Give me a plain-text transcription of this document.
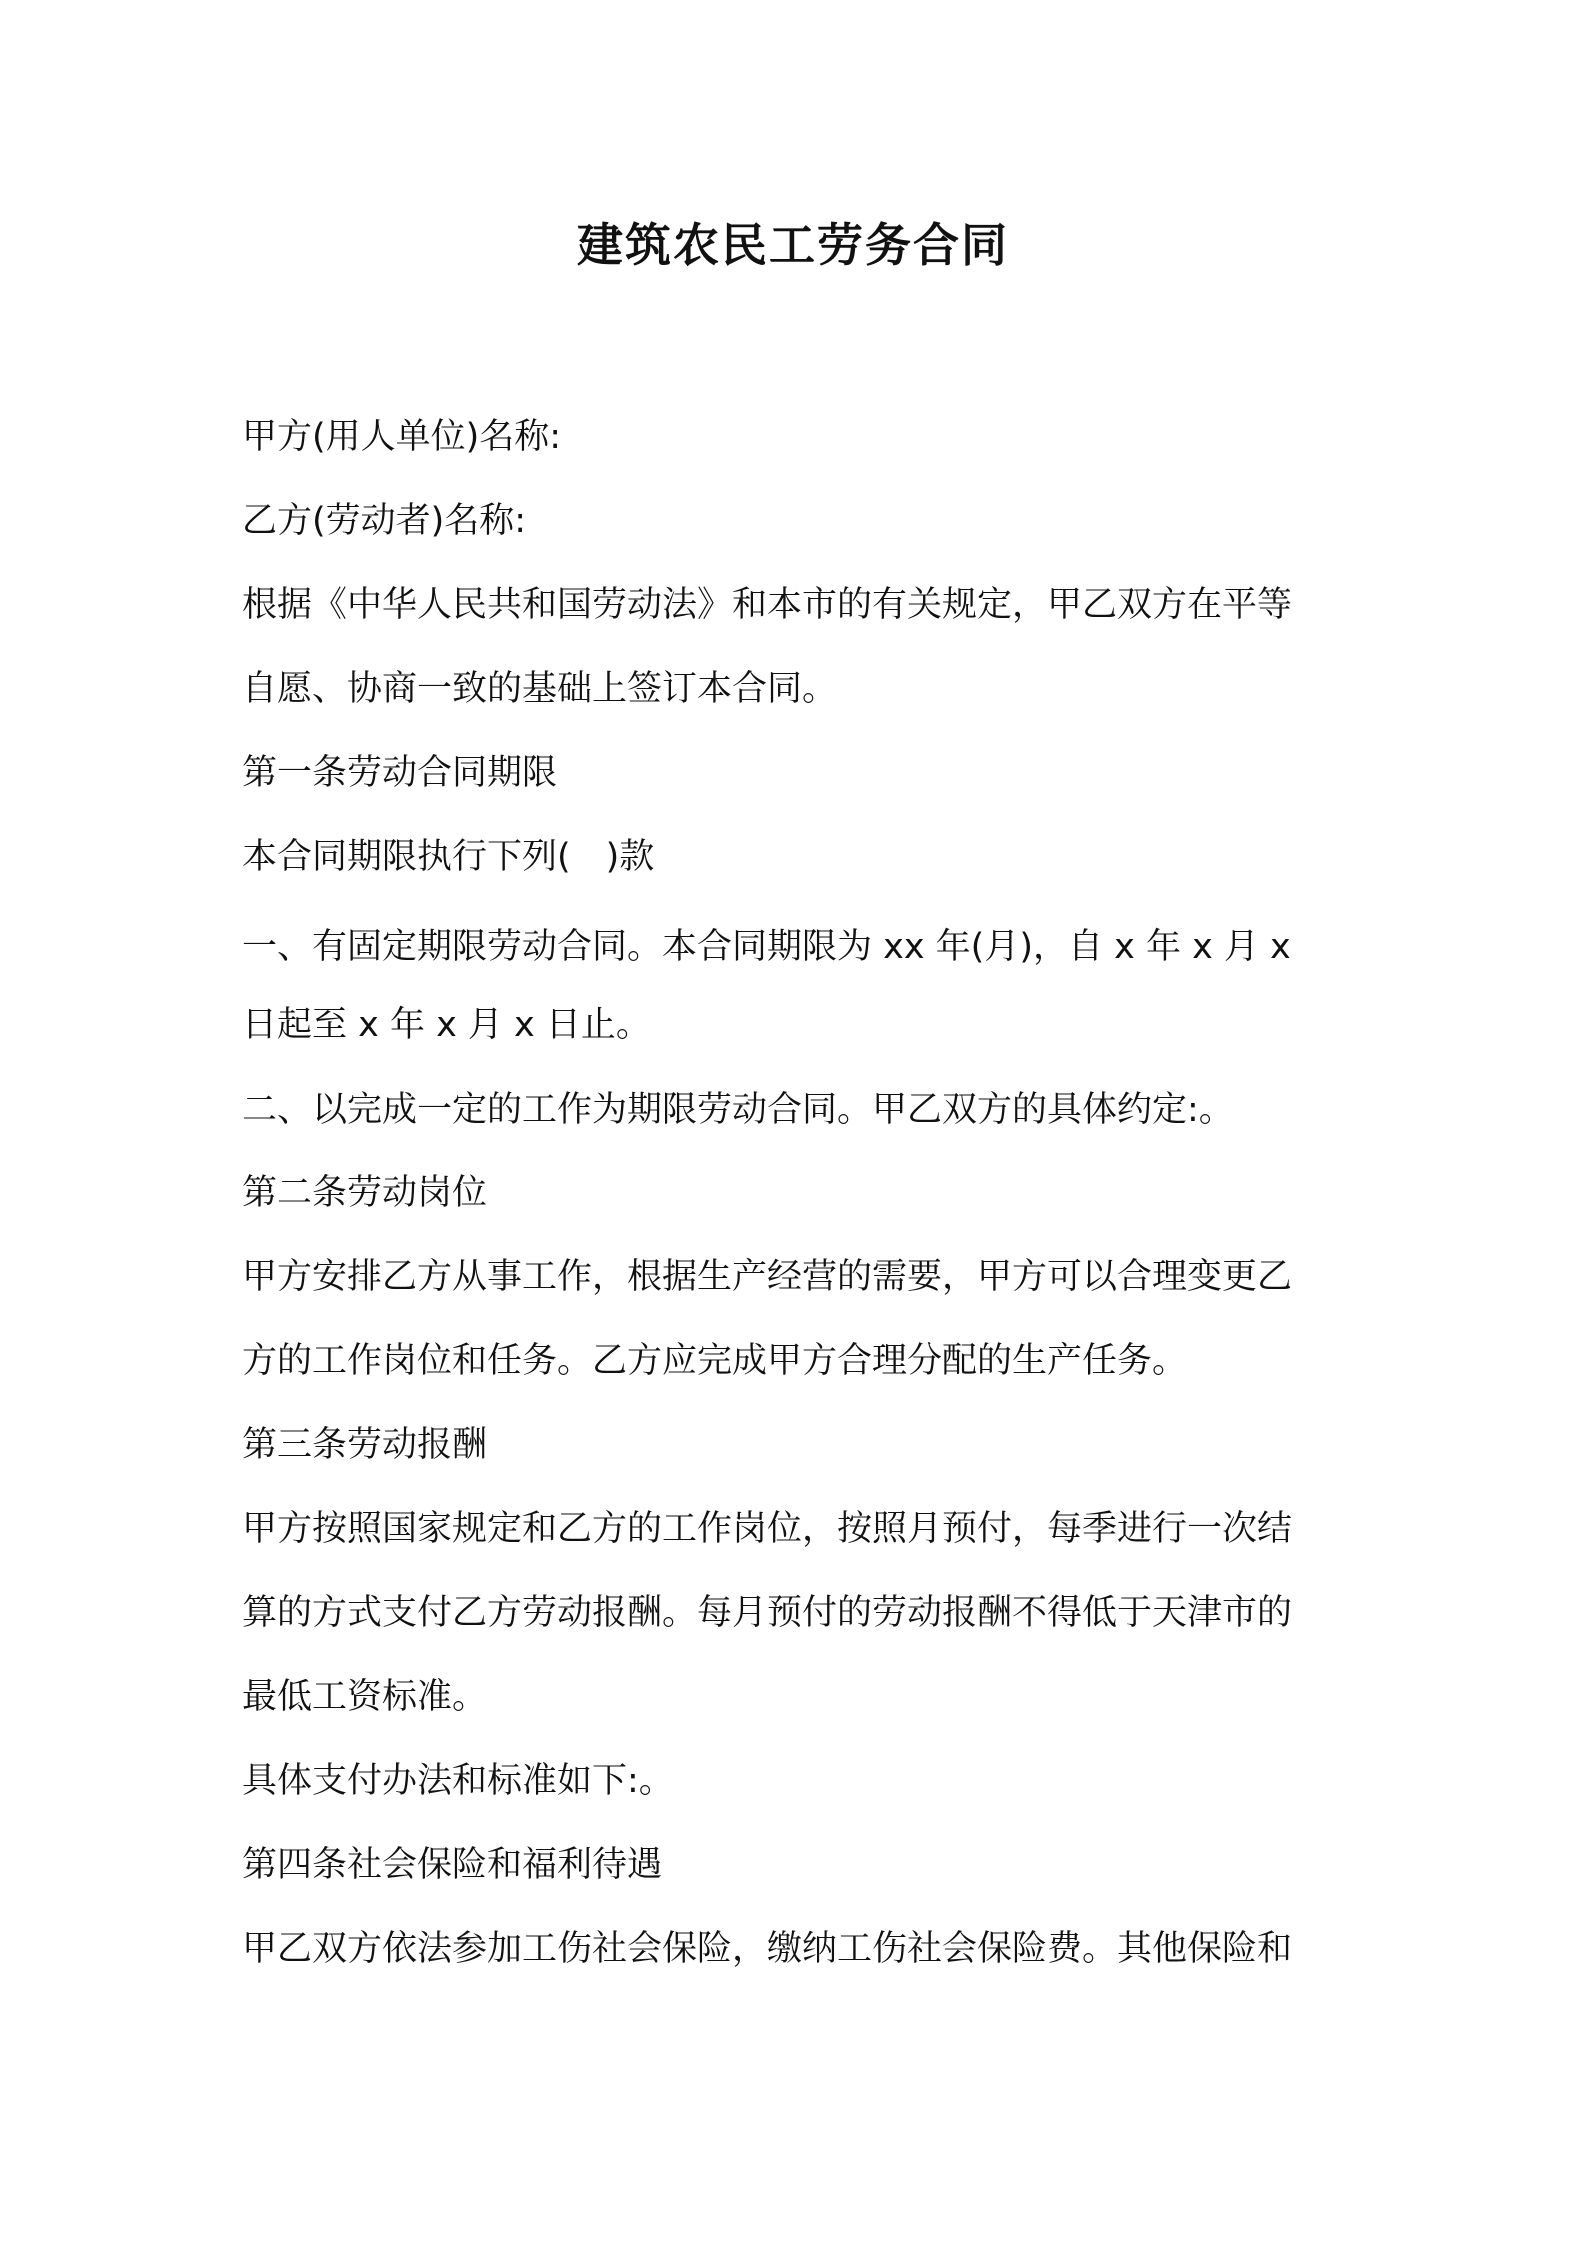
建筑农民工劳务合同
甲方(用人单位)名称:
乙方(劳动者)名称:
根据《中华人民共和国劳动法》和本市的有关规定，甲乙双方在平等
自愿、协商一致的基础上签订本合同。
第一条劳动合同期限
本合同期限执行下列(　)款
一、有固定期限劳动合同。本合同期限为 xx 年(月)，自 x 年 x 月 x
日起至 x 年 x 月 x 日止。
二、以完成一定的工作为期限劳动合同。甲乙双方的具体约定:。
第二条劳动岗位
甲方安排乙方从事工作，根据生产经营的需要，甲方可以合理变更乙
方的工作岗位和任务。乙方应完成甲方合理分配的生产任务。
第三条劳动报酬
甲方按照国家规定和乙方的工作岗位，按照月预付，每季进行一次结
算的方式支付乙方劳动报酬。每月预付的劳动报酬不得低于天津市的
最低工资标准。
具体支付办法和标准如下:。
第四条社会保险和福利待遇
甲乙双方依法参加工伤社会保险，缴纳工伤社会保险费。其他保险和
